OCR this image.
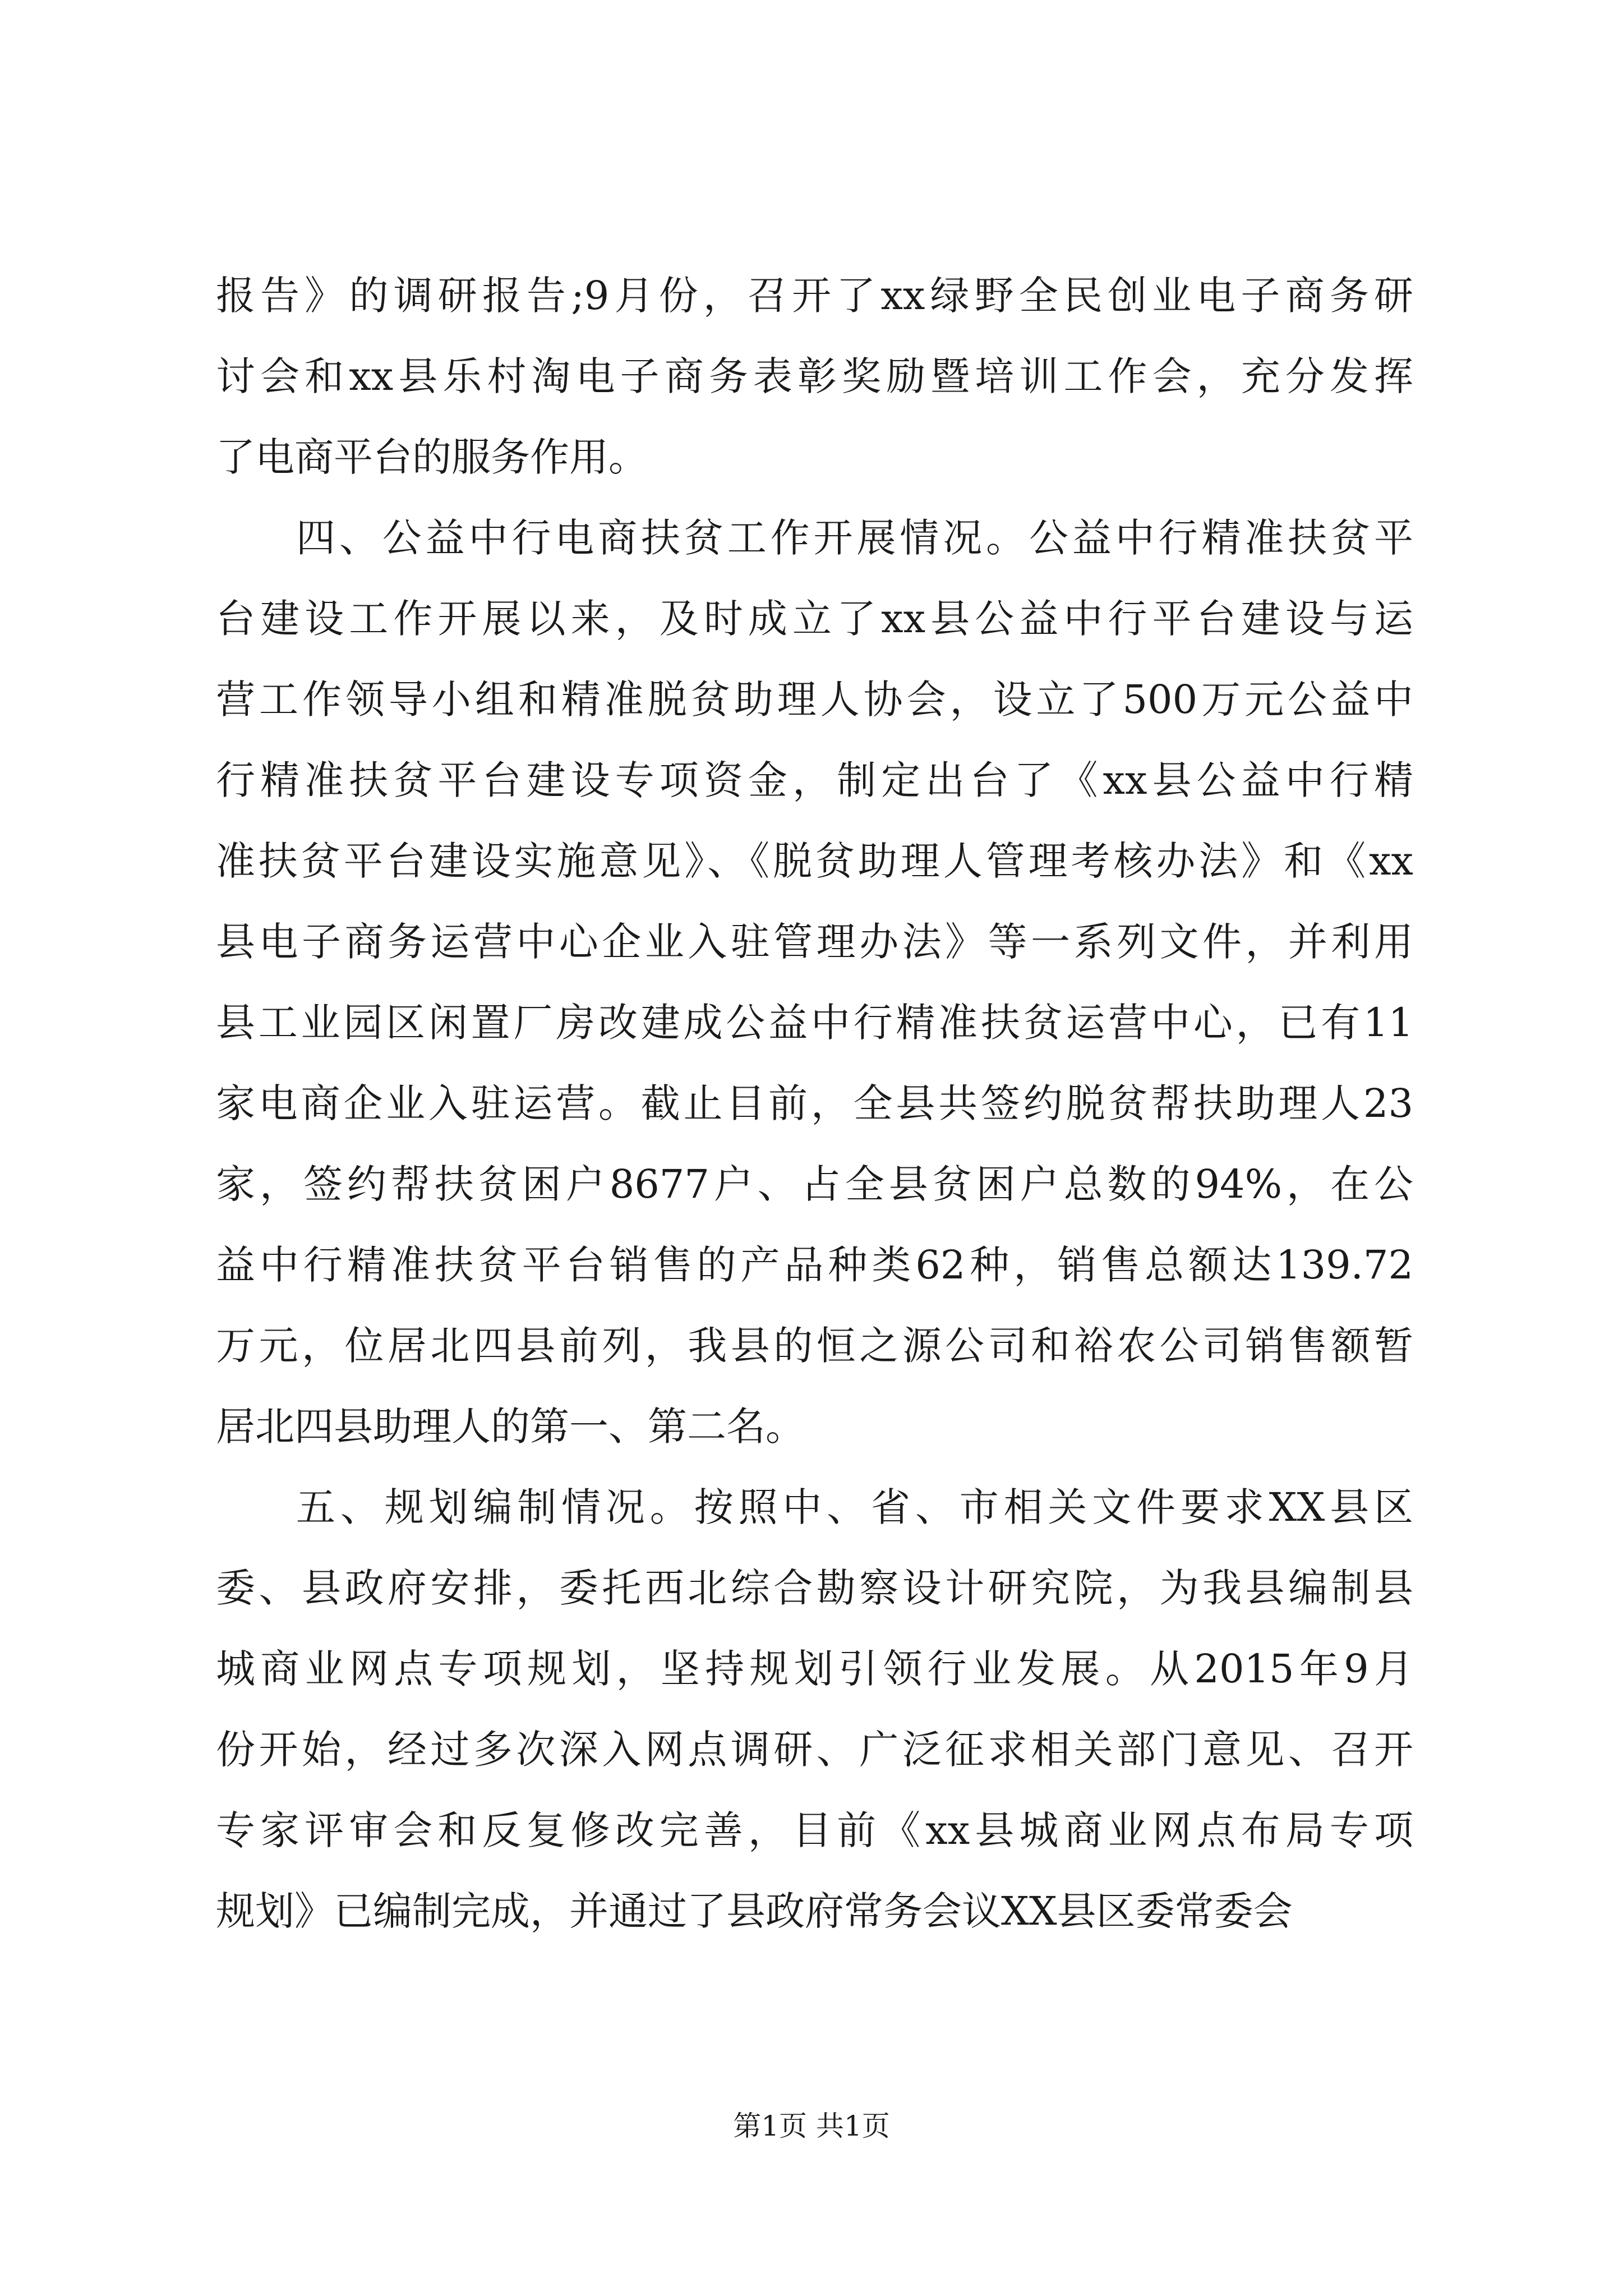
报告》的调研报告;9月份，召开了xx绿野全民创业电子商务研
讨会和xx县乐村淘电子商务表彰奖励暨培训工作会，充分发挥
了电商平台的服务作用。
四、公益中行电商扶贫工作开展情况。公益中行精准扶贫平
台建设工作开展以来，及时成立了xx县公益中行平台建设与运
营工作领导小组和精准脱贫助理人协会，设立了500万元公益中
行精准扶贫平台建设专项资金，制定出台了《xx县公益中行精
准扶贫平台建设实施意见》、《脱贫助理人管理考核办法》和《xx
县电子商务运营中心企业入驻管理办法》等一系列文件，并利用
县工业园区闲置厂房改建成公益中行精准扶贫运营中心，已有11
家电商企业入驻运营。截止目前，全县共签约脱贫帮扶助理人23
家，签约帮扶贫困户8677户、占全县贫困户总数的94%，在公
益中行精准扶贫平台销售的产品种类62种，销售总额达139.72
万元，位居北四县前列，我县的恒之源公司和裕农公司销售额暂
居北四县助理人的第一、第二名。
五、规划编制情况。按照中、省、市相关文件要求XX县区
委、县政府安排，委托西北综合勘察设计研究院，为我县编制县
城商业网点专项规划，坚持规划引领行业发展。从2015年9月
份开始，经过多次深入网点调研、广泛征求相关部门意见、召开
专家评审会和反复修改完善，目前《xx县城商业网点布局专项
规划》已编制完成，并通过了县政府常务会议XX县区委常委会
第1页 共1页
